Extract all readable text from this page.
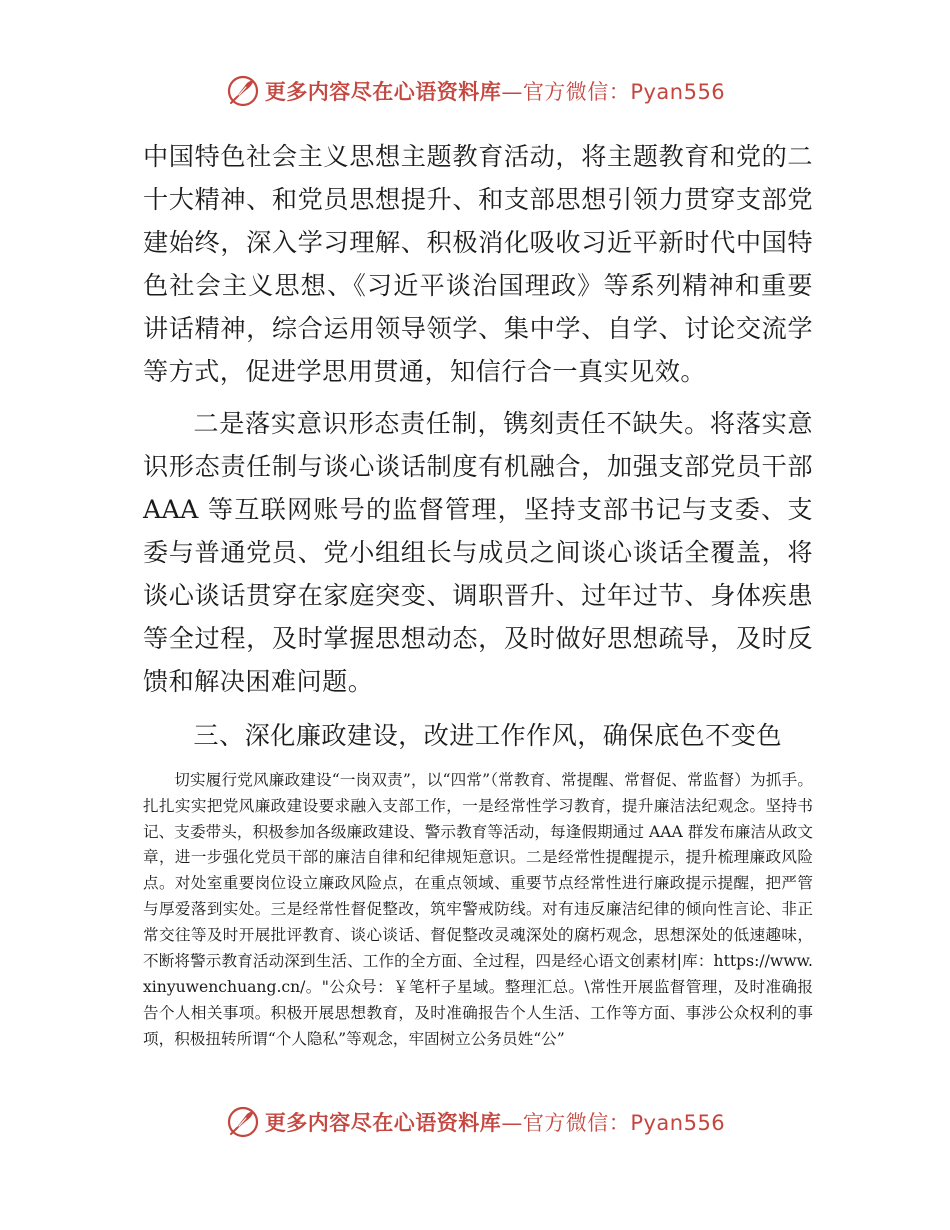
更多内容尽在心语资料库—官方微信：Pyan556

中国特色社会主义思想主题教育活动，将主题教育和党的二十大精神、和党员思想提升、和支部思想引领力贯穿支部党建始终，深入学习理解、积极消化吸收习近平新时代中国特色社会主义思想、《习近平谈治国理政》等系列精神和重要讲话精神，综合运用领导领学、集中学、自学、讨论交流学等方式，促进学思用贯通，知信行合一真实见效。

二是落实意识形态责任制，镌刻责任不缺失。将落实意识形态责任制与谈心谈话制度有机融合，加强支部党员干部 AAA 等互联网账号的监督管理，坚持支部书记与支委、支委与普通党员、党小组组长与成员之间谈心谈话全覆盖，将谈心谈话贯穿在家庭突变、调职晋升、过年过节、身体疾患等全过程，及时掌握思想动态，及时做好思想疏导，及时反馈和解决困难问题。

三、深化廉政建设，改进工作作风，确保底色不变色

切实履行党风廉政建设“一岗双责”，以“四常”（常教育、常提醒、常督促、常监督）为抓手。扎扎实实把党风廉政建设要求融入支部工作，一是经常性学习教育，提升廉洁法纪观念。坚持书记、支委带头，积极参加各级廉政建设、警示教育等活动，每逢假期通过 AAA 群发布廉洁从政文章，进一步强化党员干部的廉洁自律和纪律规矩意识。二是经常性提醒提示，提升梳理廉政风险点。对处室重要岗位设立廉政风险点，在重点领域、重要节点经常性进行廉政提示提醒，把严管与厚爱落到实处。三是经常性督促整改，筑牢警戒防线。对有违反廉洁纪律的倾向性言论、非正常交往等及时开展批评教育、谈心谈话、督促整改灵魂深处的腐朽观念，思想深处的低速趣味，不断将警示教育活动深到生活、工作的全方面、全过程，四是经心语文创素材|库：https://www.xinyuwenchuang.cn/。"公众号：￥笔杆子星域。整理汇总。\常性开展监督管理，及时准确报告个人相关事项。积极开展思想教育，及时准确报告个人生活、工作等方面、事涉公众权利的事项，积极扭转所谓“个人隐私”等观念，牢固树立公务员姓“公”

更多内容尽在心语资料库—官方微信：Pyan556
